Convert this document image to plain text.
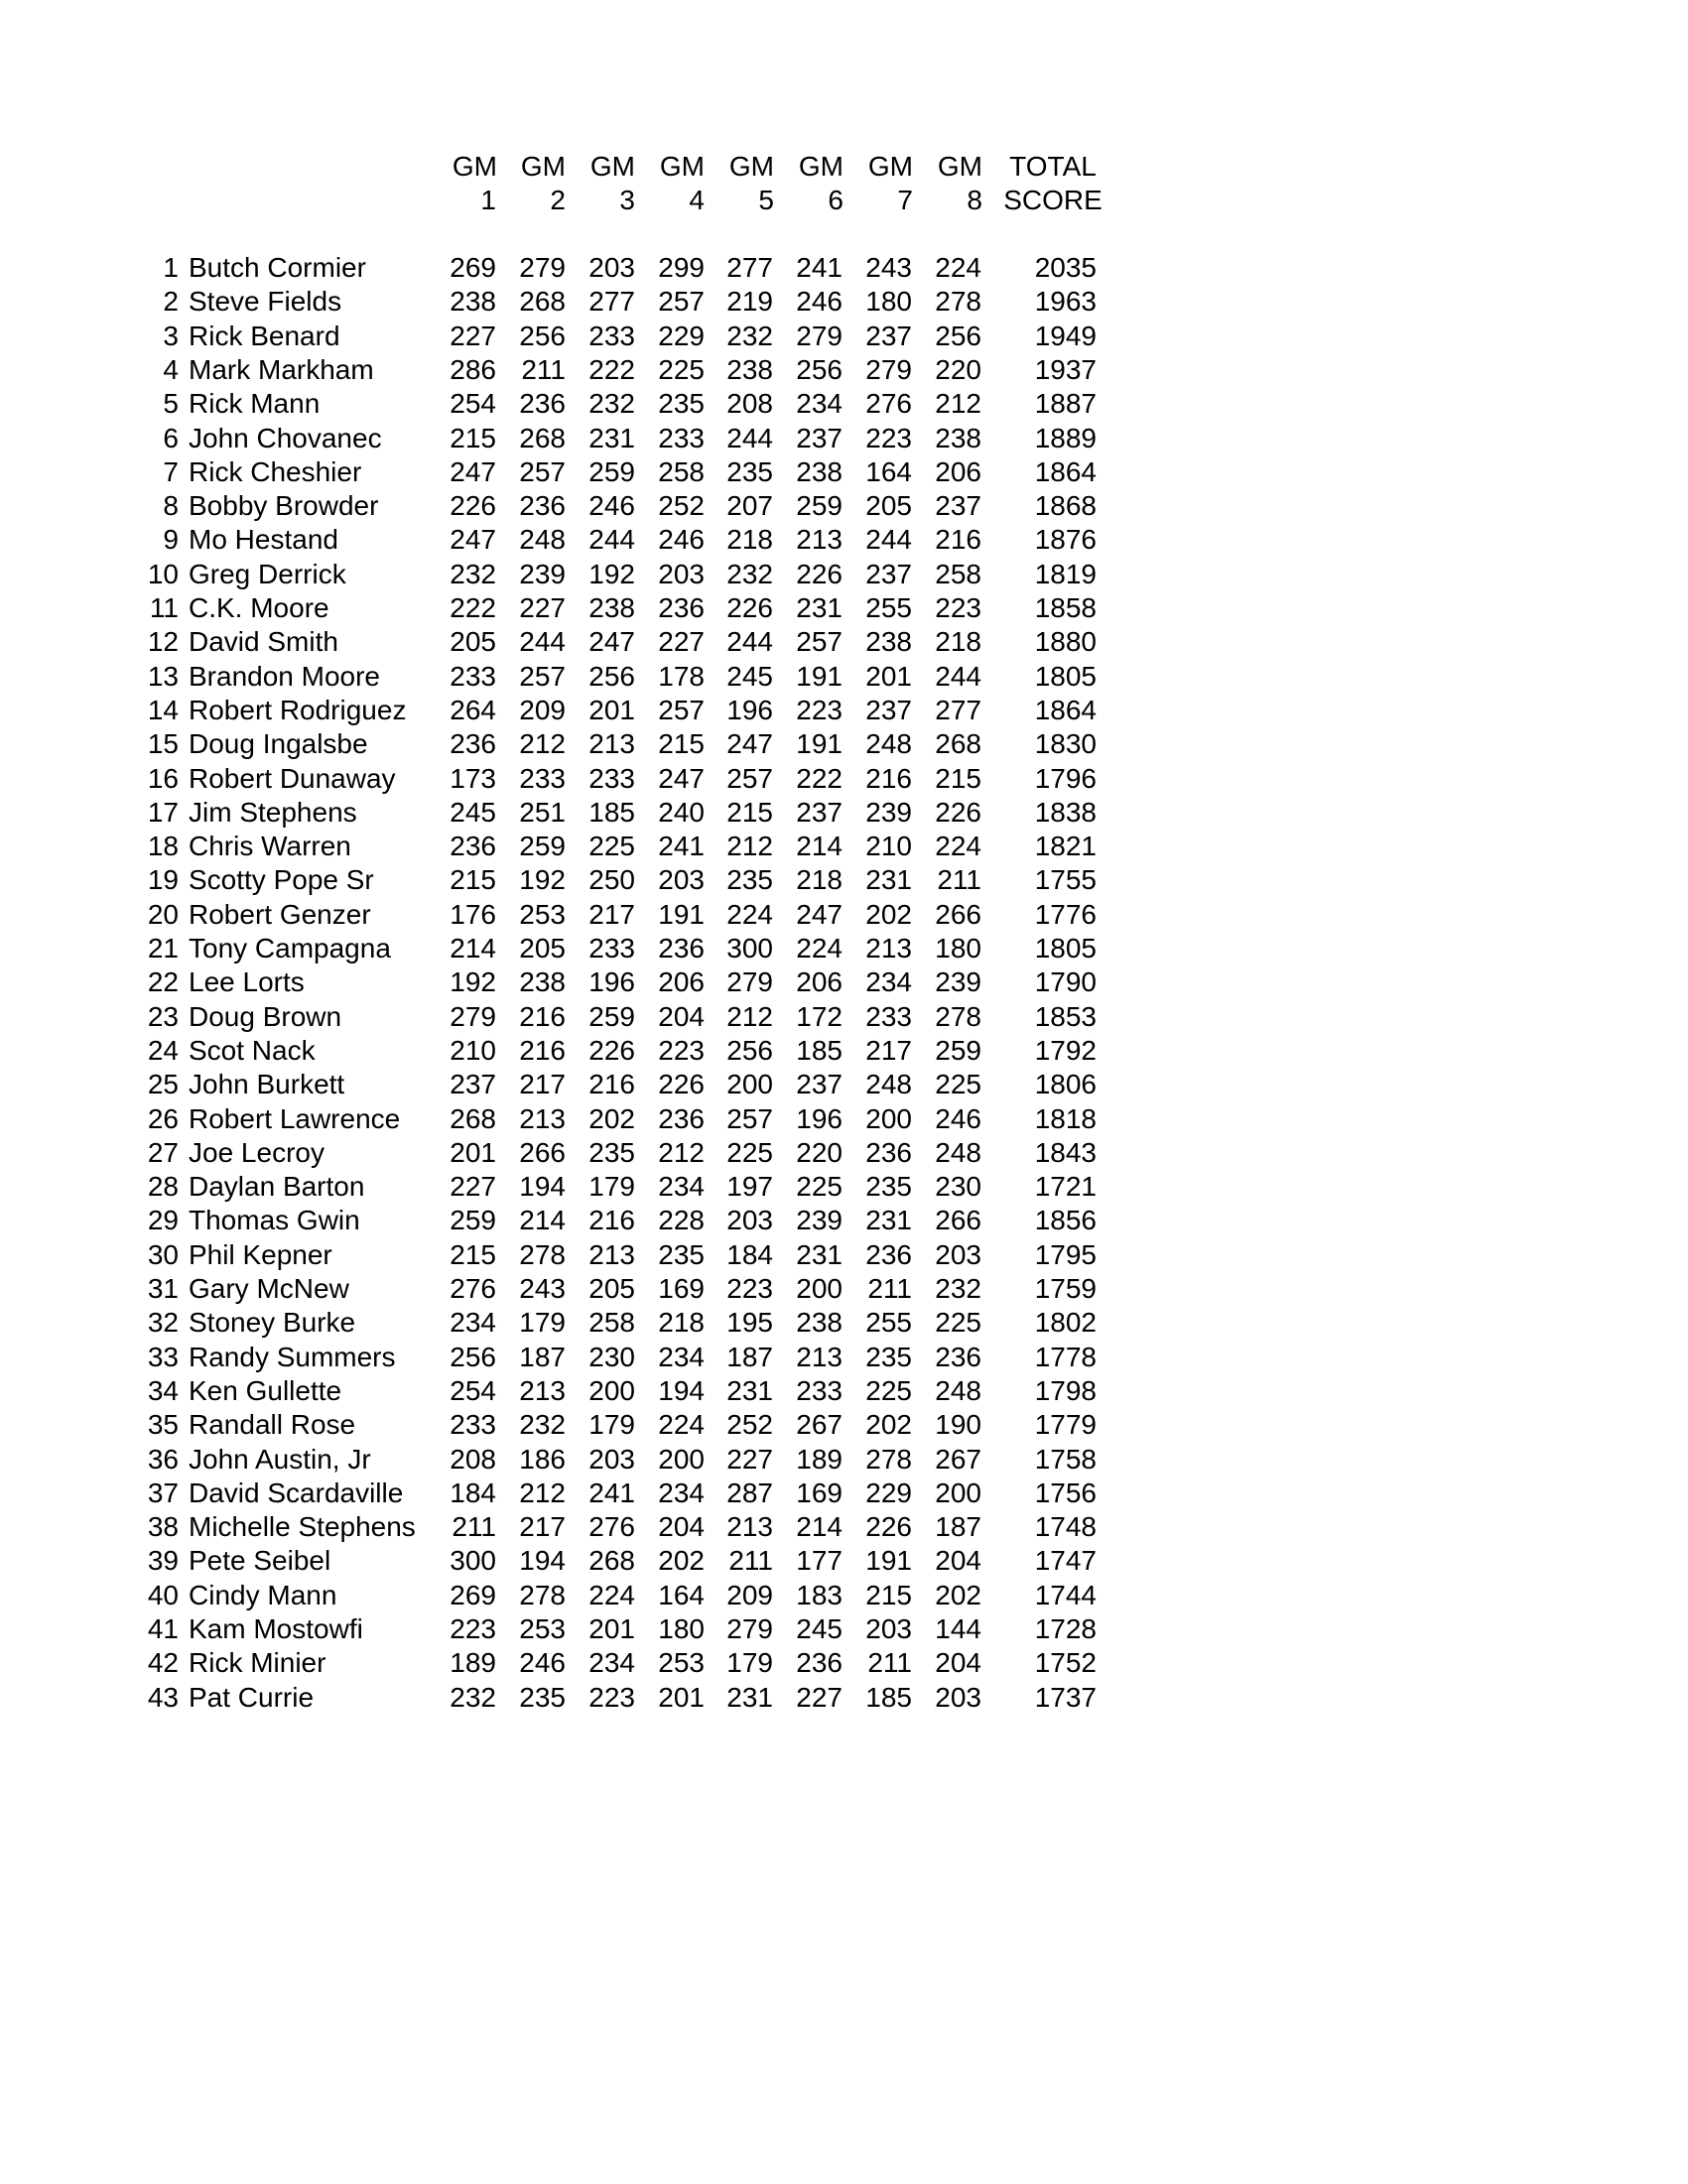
GM GM GM GM GM GM GM GM TOTAL
1	2	3	4	5	6	7	8 SCORE
1 Butch Cormier	269 279 203 299 277 241 243 224	2035
2 Steve Fields	238 268 277 257 219 246 180 278	1963
3 Rick Benard	227 256 233 229 232 279 237 256	1949
4 Mark Markham	286 211 222 225 238 256 279 220	1937
5 Rick Mann	254 236 232 235 208 234 276 212	1887
6 John Chovanec	215 268 231 233 244 237 223 238	1889
7 Rick Cheshier	247 257 259 258 235 238 164 206	1864
8 Bobby Browder	226 236 246 252 207 259 205 237	1868
9 Mo Hestand	247 248 244 246 218 213 244 216	1876
10 Greg Derrick	232 239 192 203 232 226 237 258	1819
11 C.K. Moore	222 227 238 236 226 231 255 223	1858
12 David Smith	205 244 247 227 244 257 238 218	1880
13 Brandon Moore	233 257 256 178 245 191 201 244	1805
14 Robert Rodriguez	264 209 201 257 196 223 237 277	1864
15 Doug Ingalsbe	236 212 213 215 247 191 248 268	1830
16 Robert Dunaway	173 233 233 247 257 222 216 215	1796
17 Jim Stephens	245 251 185 240 215 237 239 226	1838
18 Chris Warren	236 259 225 241 212 214 210 224	1821
19 Scotty Pope Sr	215 192 250 203 235 218 231 211	1755
20 Robert Genzer	176 253 217 191 224 247 202 266	1776
21 Tony Campagna	214 205 233 236 300 224 213 180	1805
22 Lee Lorts	192 238 196 206 279 206 234 239	1790
23 Doug Brown	279 216 259 204 212 172 233 278	1853
24 Scot Nack	210 216 226 223 256 185 217 259	1792
25 John Burkett	237 217 216 226 200 237 248 225	1806
26 Robert Lawrence	268 213 202 236 257 196 200 246	1818
27 Joe Lecroy	201 266 235 212 225 220 236 248	1843
28 Daylan Barton	227 194 179 234 197 225 235 230	1721
29 Thomas Gwin	259 214 216 228 203 239 231 266	1856
30 Phil Kepner	215 278 213 235 184 231 236 203	1795
31 Gary McNew	276 243 205 169 223 200 211 232	1759
32 Stoney Burke	234 179 258 218 195 238 255 225	1802
33 Randy Summers	256 187 230 234 187 213 235 236	1778
34 Ken Gullette	254 213 200 194 231 233 225 248	1798
35 Randall Rose	233 232 179 224 252 267 202 190	1779
36 John Austin, Jr	208 186 203 200 227 189 278 267	1758
37 David Scardaville	184 212 241 234 287 169 229 200	1756
38 Michelle Stephens	211 217 276 204 213 214 226 187	1748
39 Pete Seibel	300 194 268 202 211 177 191 204	1747
40 Cindy Mann	269 278 224 164 209 183 215 202	1744
41 Kam Mostowfi	223 253 201 180 279 245 203 144	1728
42 Rick Minier	189 246 234 253 179 236 211 204	1752
43 Pat Currie	232 235 223 201 231 227 185 203	1737
